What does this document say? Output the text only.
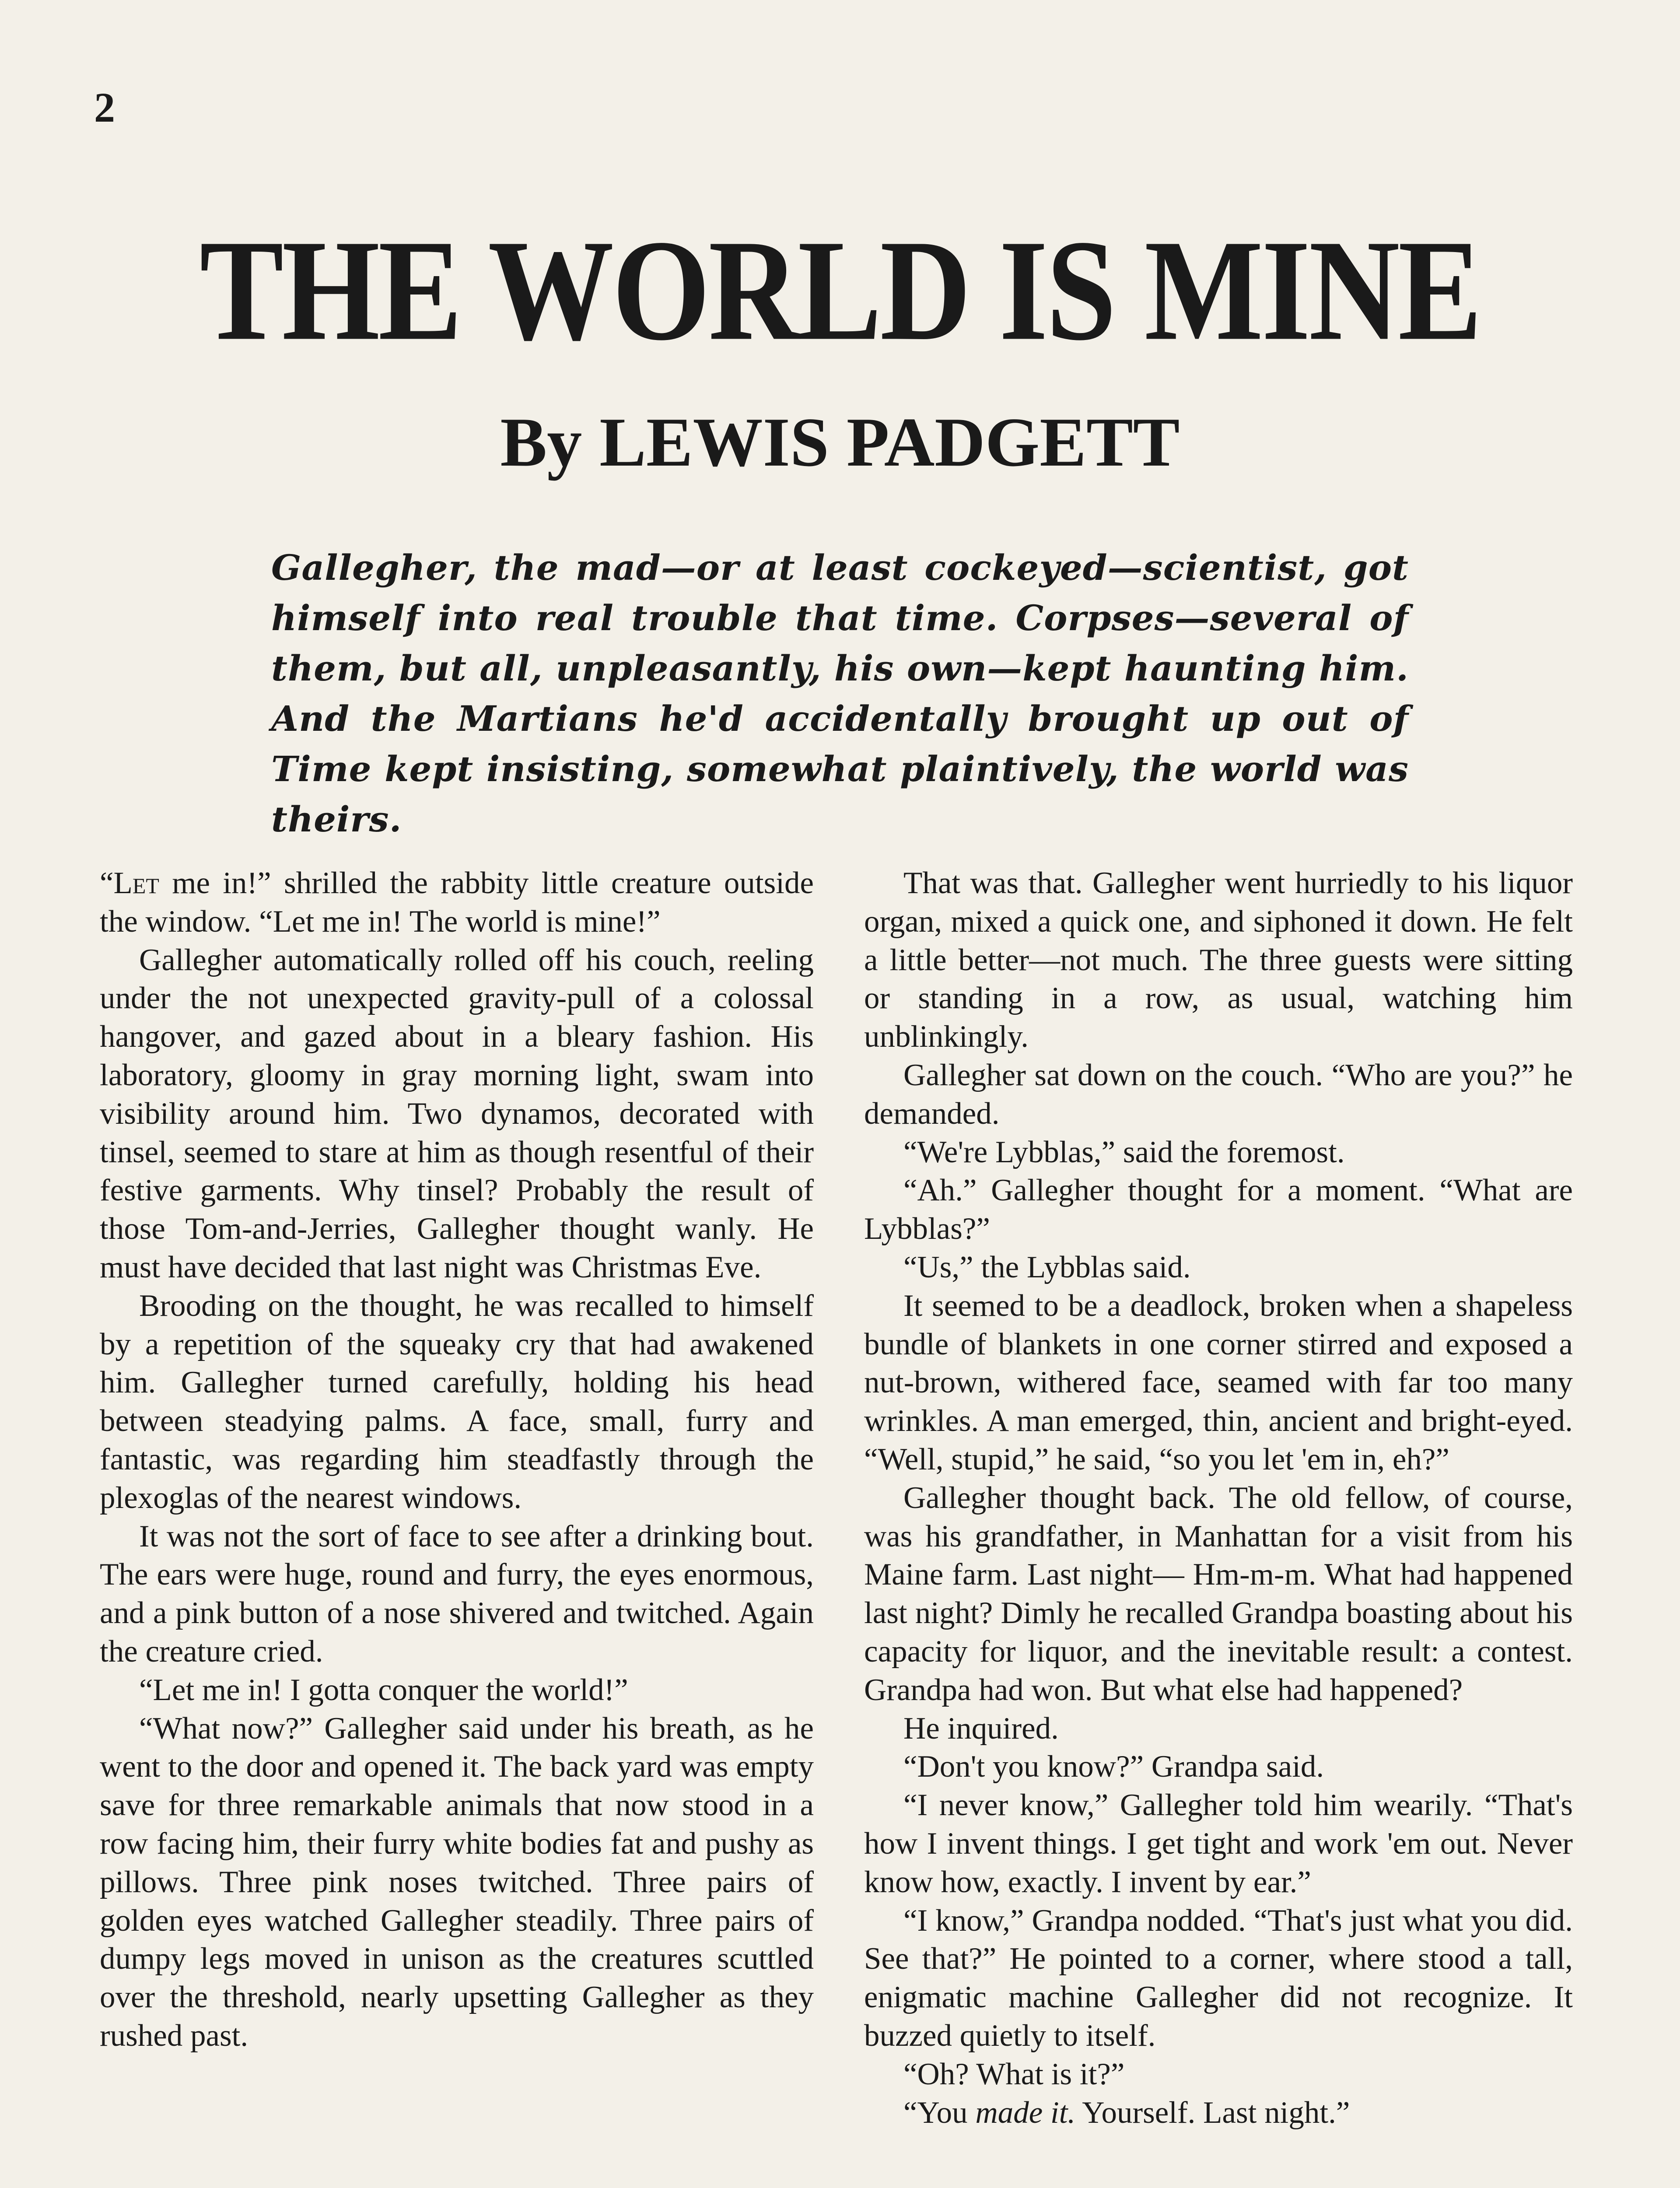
2
THE WORLD IS MINE
By LEWIS PADGETT

Gallegher, the mad—or at least cockeyed—scientist, got himself into real trouble that time. Corpses—several of them, but all, unpleasantly, his own—kept haunting him. And the Martians he'd accidentally brought up out of Time kept insisting, somewhat plaintively, the world was theirs.

“Let me in!” shrilled the rabbity little creature outside the window. “Let me in! The world is mine!”

Gallegher automatically rolled off his couch, reeling under the not unexpected gravity-pull of a colossal hangover, and gazed about in a bleary fashion. His laboratory, gloomy in gray morning light, swam into visibility around him. Two dynamos, decorated with tinsel, seemed to stare at him as though resentful of their festive garments. Why tinsel? Probably the result of those Tom-and-Jerries, Gallegher thought wanly. He must have decided that last night was Christmas Eve.

Brooding on the thought, he was recalled to himself by a repetition of the squeaky cry that had awakened him. Gallegher turned carefully, holding his head between steadying palms. A face, small, furry and fantastic, was regarding him steadfastly through the plexoglas of the nearest windows.

It was not the sort of face to see after a drinking bout. The ears were huge, round and furry, the eyes enormous, and a pink button of a nose shivered and twitched. Again the creature cried.

“Let me in! I gotta conquer the world!”

“What now?” Gallegher said under his breath, as he went to the door and opened it. The back yard was empty save for three remarkable animals that now stood in a row facing him, their furry white bodies fat and pushy as pillows. Three pink noses twitched. Three pairs of golden eyes watched Gallegher steadily. Three pairs of dumpy legs moved in unison as the creatures scuttled over the threshold, nearly upsetting Gallegher as they rushed past.

That was that. Gallegher went hurriedly to his liquor organ, mixed a quick one, and siphoned it down. He felt a little better—not much. The three guests were sitting or standing in a row, as usual, watching him unblinkingly.

Gallegher sat down on the couch. “Who are you?” he demanded.

“We're Lybblas,” said the foremost.

“Ah.” Gallegher thought for a moment. “What are Lybblas?”

“Us,” the Lybblas said.

It seemed to be a deadlock, broken when a shapeless bundle of blankets in one corner stirred and exposed a nut-brown, withered face, seamed with far too many wrinkles. A man emerged, thin, ancient and bright-eyed. “Well, stupid,” he said, “so you let 'em in, eh?”

Gallegher thought back. The old fellow, of course, was his grandfather, in Manhattan for a visit from his Maine farm. Last night— Hm-m-m. What had happened last night? Dimly he recalled Grandpa boasting about his capacity for liquor, and the inevitable result: a contest. Grandpa had won. But what else had happened?

He inquired.

“Don't you know?” Grandpa said.

“I never know,” Gallegher told him wearily. “That's how I invent things. I get tight and work 'em out. Never know how, exactly. I invent by ear.”

“I know,” Grandpa nodded. “That's just what you did. See that?” He pointed to a corner, where stood a tall, enigmatic machine Gallegher did not recognize. It buzzed quietly to itself.

“Oh? What is it?”

“You made it. Yourself. Last night.”
